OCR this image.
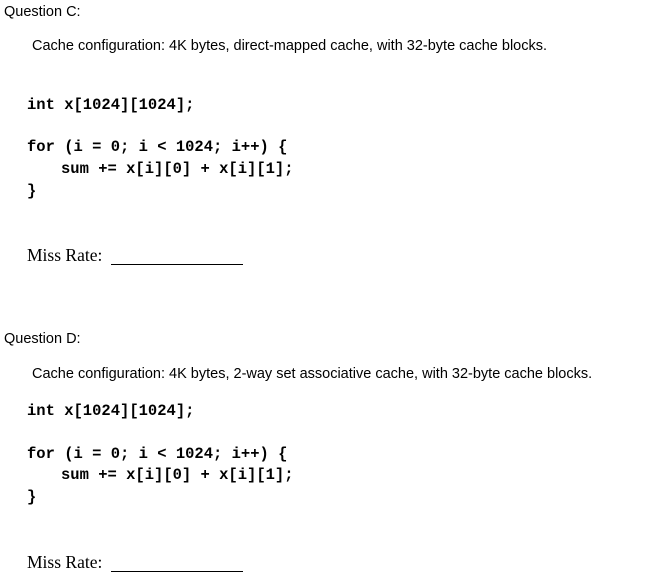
Question C:
Cache configuration: 4K bytes, direct-mapped cache, with 32-byte cache blocks.
int x[1024][1024];
for (i = 0; i < 1024; i++) {
sum += x[i][0] + x[i][1];
}
Miss Rate:
Question D:
Cache configuration: 4K bytes, 2-way set associative cache, with 32-byte cache blocks.
int x[1024][1024];
for (i = 0; i < 1024; i++) {
sum += x[i][0] + x[i][1];
}
Miss Rate:
